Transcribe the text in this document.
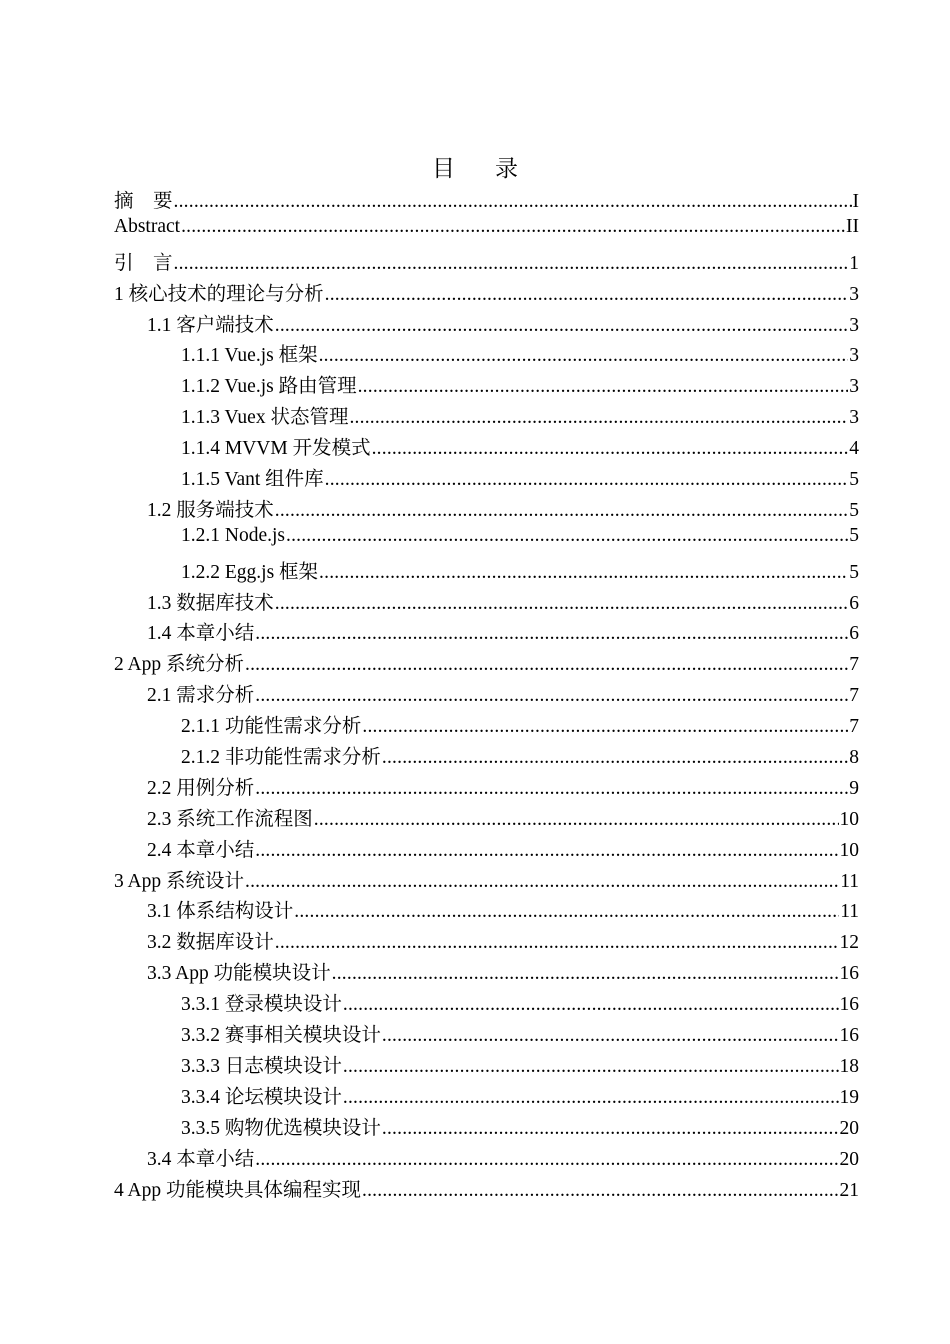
目 录
摘　要 .....	I
Abstract .....	II
引　言 .....	1
1 核心技术的理论与分析 .....	3
1.1 客户端技术 .....	3
1.1.1 Vue.js 框架 .....	3
1.1.2 Vue.js 路由管理 .....	3
1.1.3 Vuex 状态管理 .....	3
1.1.4 MVVM 开发模式 .....	4
1.1.5 Vant 组件库 .....	5
1.2 服务端技术 .....	5
1.2.1 Node.js .....	5
1.2.2 Egg.js 框架 .....	5
1.3 数据库技术 .....	6
1.4 本章小结 .....	6
2 App 系统分析 .....	7
2.1 需求分析 .....	7
2.1.1 功能性需求分析 .....	7
2.1.2 非功能性需求分析 .....	8
2.2 用例分析 .....	9
2.3 系统工作流程图 .....	10
2.4 本章小结 .....	10
3 App 系统设计 .....	11
3.1 体系结构设计 .....	11
3.2 数据库设计 .....	12
3.3 App 功能模块设计 .....	16
3.3.1 登录模块设计 .....	16
3.3.2 赛事相关模块设计 .....	16
3.3.3 日志模块设计 .....	18
3.3.4 论坛模块设计 .....	19
3.3.5 购物优选模块设计 .....	20
3.4 本章小结 .....	20
4 App 功能模块具体编程实现 .....	21
